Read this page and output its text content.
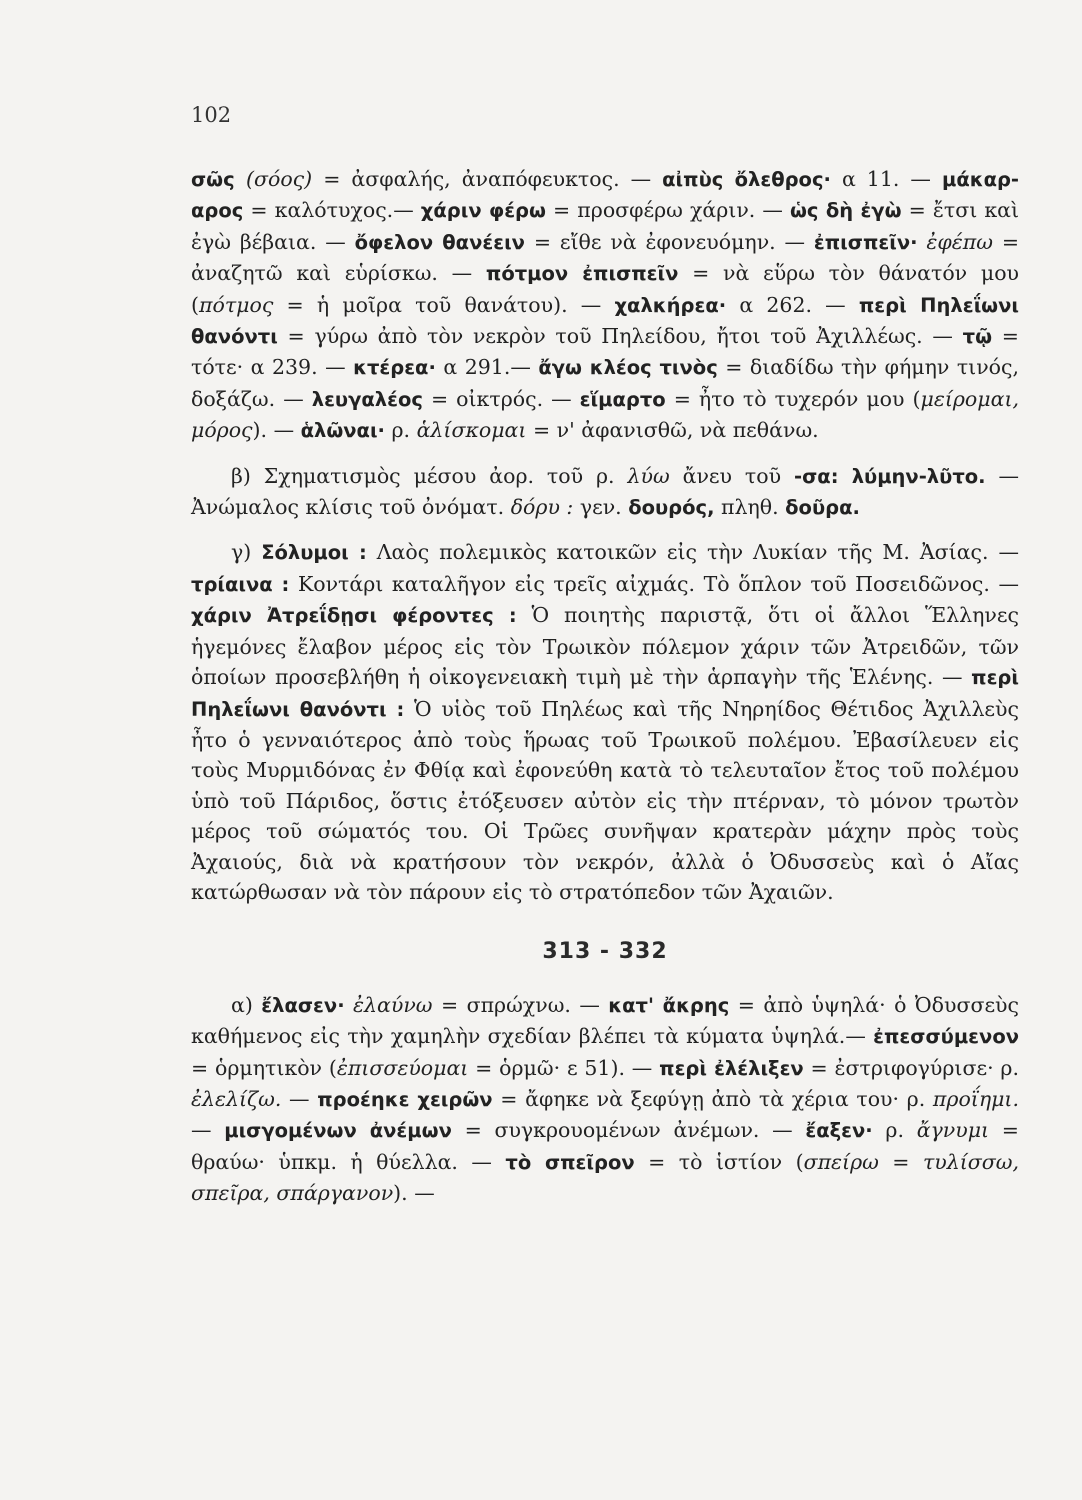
102

σῶς (σόος) = ἀσφαλής, ἀναπόφευκτος. — αἰπὺς ὄλεθρος· α 11. — μάκαρ-αρος = καλότυχος.— χάριν φέρω = προσφέρω χάριν. — ὡς δὴ ἐγὼ = ἔτσι καὶ ἐγὼ βέβαια. — ὄφελον θανέειν = εἴθε νὰ ἐφονευόμην. — ἐπισπεῖν· ἐφέπω = ἀναζητῶ καὶ εὑρίσκω. — πότμον ἐπισπεῖν = νὰ εὕρω τὸν θάνατόν μου (πότμος = ἡ μοῖρα τοῦ θανάτου). — χαλκήρεα· α 262. — περὶ Πηλεΐωνι θανόντι = γύρω ἀπὸ τὸν νεκρὸν τοῦ Πηλείδου, ἤτοι τοῦ Ἀχιλλέως. — τῷ = τότε· α 239. — κτέρεα· α 291.— ἄγω κλέος τινὸς = διαδίδω τὴν φήμην τινός, δοξάζω. — λευγαλέος = οἰκτρός. — εἵμαρτο = ἦτο τὸ τυχερόν μου (μείρομαι, μόρος). — ἁλῶναι· ρ. ἁλίσκομαι = ν' ἀφανισθῶ, νὰ πεθάνω.

β) Σχηματισμὸς μέσου ἀορ. τοῦ ρ. λύω ἄνευ τοῦ -σα: λύμην-λῦτο. — Ἀνώμαλος κλίσις τοῦ ὀνόματ. δόρυ : γεν. δουρός, πληθ. δοῦρα.

γ) Σόλυμοι : Λαὸς πολεμικὸς κατοικῶν εἰς τὴν Λυκίαν τῆς Μ. Ἀσίας. — τρίαινα : Κοντάρι καταλῆγον εἰς τρεῖς αἰχμάς. Τὸ ὅπλον τοῦ Ποσειδῶνος. — χάριν Ἀτρεΐδῃσι φέροντες : Ὁ ποιητὴς παριστᾷ, ὅτι οἱ ἄλλοι Ἕλληνες ἡγεμόνες ἔλαβον μέρος εἰς τὸν Τρωικὸν πόλεμον χάριν τῶν Ἀτρειδῶν, τῶν ὁποίων προσεβλήθη ἡ οἰκογενειακὴ τιμὴ μὲ τὴν ἁρπαγὴν τῆς Ἑλένης. — περὶ Πηλεΐωνι θανόντι : Ὁ υἱὸς τοῦ Πηλέως καὶ τῆς Νηρηίδος Θέτιδος Ἀχιλλεὺς ἦτο ὁ γενναιότερος ἀπὸ τοὺς ἥρωας τοῦ Τρωικοῦ πολέμου. Ἐβασίλευεν εἰς τοὺς Μυρμιδόνας ἐν Φθίᾳ καὶ ἐφονεύθη κατὰ τὸ τελευταῖον ἔτος τοῦ πολέμου ὑπὸ τοῦ Πάριδος, ὅστις ἐτόξευσεν αὐτὸν εἰς τὴν πτέρναν, τὸ μόνον τρωτὸν μέρος τοῦ σώματός του. Οἱ Τρῶες συνῆψαν κρατερὰν μάχην πρὸς τοὺς Ἀχαιούς, διὰ νὰ κρατήσουν τὸν νεκρόν, ἀλλὰ ὁ Ὀδυσσεὺς καὶ ὁ Αἴας κατώρθωσαν νὰ τὸν πάρουν εἰς τὸ στρατόπεδον τῶν Ἀχαιῶν.

313 - 332

α) ἔλασεν· ἐλαύνω = σπρώχνω. — κατ' ἄκρης = ἀπὸ ὑψηλά· ὁ Ὀδυσσεὺς καθήμενος εἰς τὴν χαμηλὴν σχεδίαν βλέπει τὰ κύματα ὑψηλά.— ἐπεσσύμενον = ὁρμητικὸν (ἐπισσεύομαι = ὁρμῶ· ε 51). — περὶ ἐλέλιξεν = ἐστριφογύρισε· ρ. ἐλελίζω. — προέηκε χειρῶν = ἄφηκε νὰ ξεφύγῃ ἀπὸ τὰ χέρια του· ρ. προΐημι. — μισγομένων ἀνέμων = συγκρουομένων ἀνέμων. — ἔαξεν· ρ. ἄγνυμι = θραύω· ὑπκμ. ἡ θύελλα. — τὸ σπεῖρον = τὸ ἱστίον (σπείρω = τυλίσσω, σπεῖρα, σπάργανον). —
